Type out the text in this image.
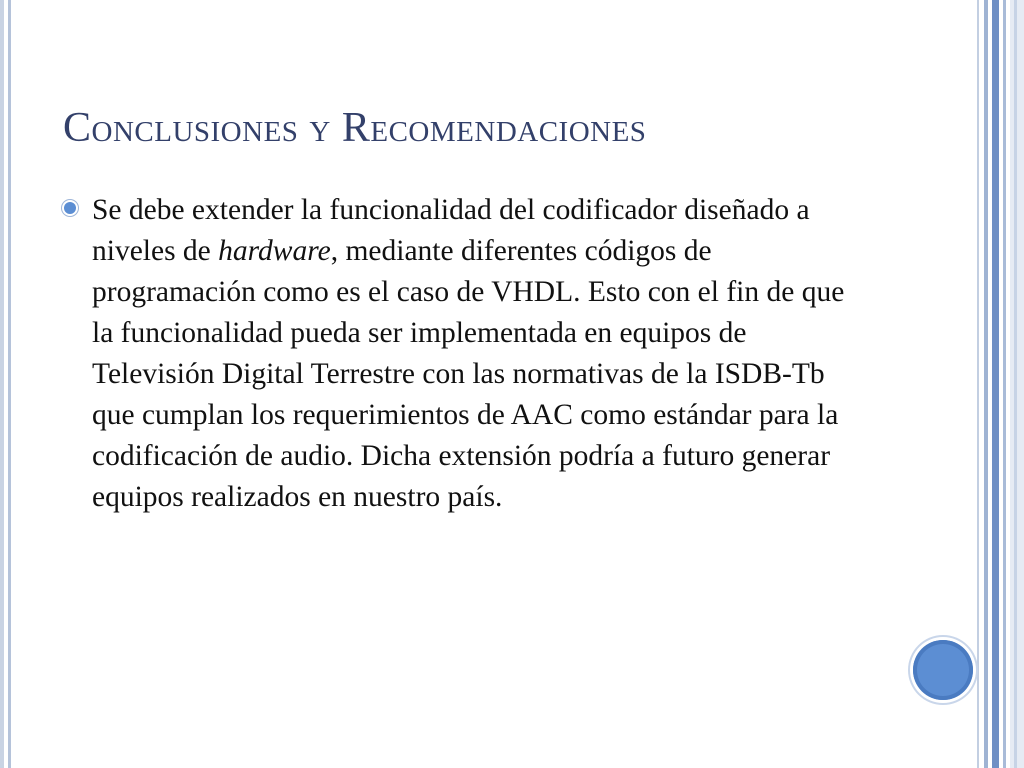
Conclusiones y Recomendaciones

Se debe extender la funcionalidad del codificador diseñado a niveles de hardware, mediante diferentes códigos de programación como es el caso de VHDL. Esto con el fin de que la funcionalidad pueda ser implementada en equipos de Televisión Digital Terrestre con las normativas de la ISDB-Tb que cumplan los requerimientos de AAC como estándar para la codificación de audio. Dicha extensión podría a futuro generar equipos realizados en nuestro país.
